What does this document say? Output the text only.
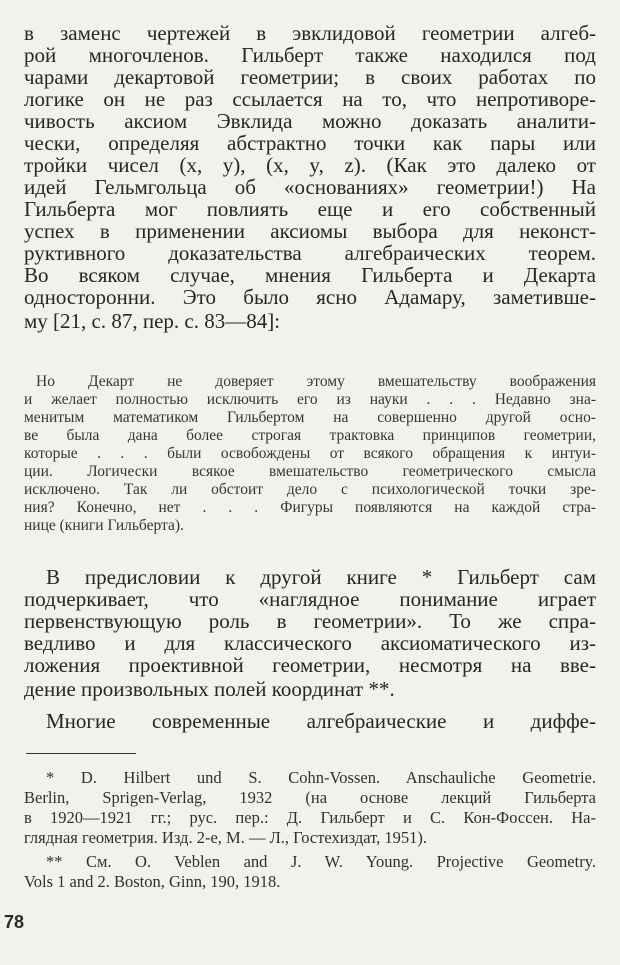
в заменс чертежей в эвклидовой геометрии алгеб-

рой многочленов. Гильберт также находился под

чарами декартовой геометрии; в своих работах по

логике он не раз ссылается на то, что непротиворе-

чивость аксиом Эвклида можно доказать аналити-

чески, определяя абстрактно точки как пары или

тройки чисел (x, y), (x, y, z). (Как это далеко от

идей Гельмгольца об «основаниях» геометрии!) На

Гильберта мог повлиять еще и его собственный

успех в применении аксиомы выбора для неконст-

руктивного доказательства алгебраических теорем.

Во всяком случае, мнения Гильберта и Декарта

односторонни. Это было ясно Адамару, заметивше-

му [21, с. 87, пер. с. 83—84]:

Но Декарт не доверяет этому вмешательству воображения

и желает полностью исключить его из науки . . . Недавно зна-

менитым математиком Гильбертом на совершенно другой осно-

ве была дана более строгая трактовка принципов геометрии,

которые . . . были освобождены от всякого обращения к интуи-

ции. Логически всякое вмешательство геометрического смысла

исключено. Так ли обстоит дело с психологической точки зре-

ния? Конечно, нет . . . Фигуры появляются на каждой стра-

нице (книги Гильберта).

В предисловии к другой книге * Гильберт сам

подчеркивает, что «наглядное понимание играет

первенствующую роль в геометрии». То же спра-

ведливо и для классического аксиоматического из-

ложения проективной геометрии, несмотря на вве-

дение произвольных полей координат **.

Многие современные алгебраические и диффе-

* D. Hilbert und S. Cohn-Vossen. Anschauliche Geometrie.

Berlin, Sprigen-Verlag, 1932 (на основе лекций Гильберта

в 1920—1921 гг.; рус. пер.: Д. Гильберт и С. Кон-Фоссен. На-

глядная геометрия. Изд. 2-е, М. — Л., Гостехиздат, 1951).

** См. O. Veblen and J. W. Young. Projective Geometry.

Vols 1 and 2. Boston, Ginn, 190, 1918.

78
